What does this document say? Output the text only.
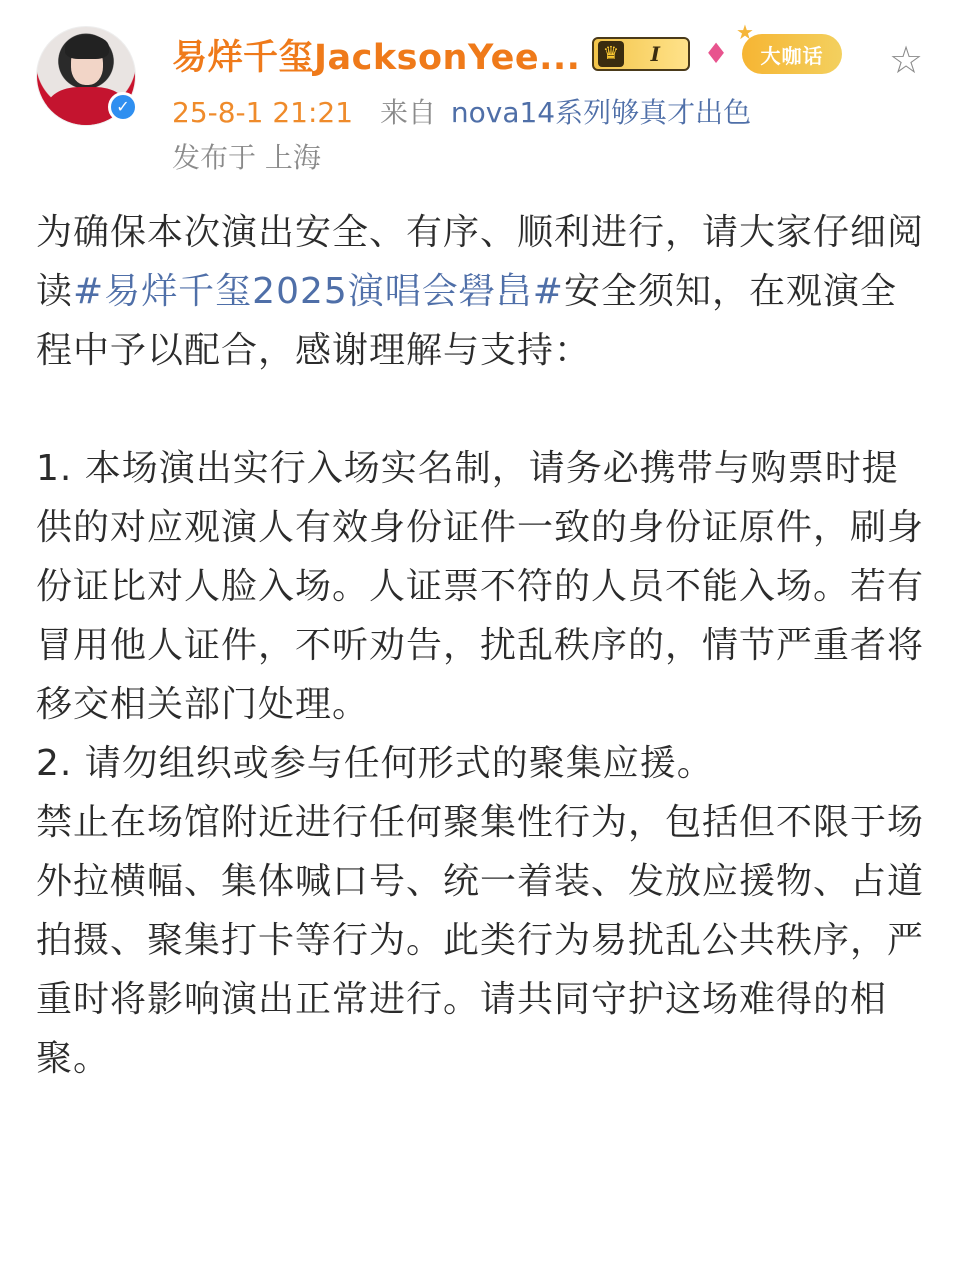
✓
易烊千玺JacksonYee... ♛ I ♦
★
大咖话 ☆
25-8-1 21:21 来自 nova14系列够真才出色
发布于 上海

为确保本次演出安全、有序、顺利进行，请大家仔细阅读#易烊千玺2025演唱会礐峊#安全须知，在观演全程中予以配合，感谢理解与支持：

1. 本场演出实行入场实名制，请务必携带与购票时提供的对应观演人有效身份证件一致的身份证原件，刷身份证比对人脸入场。人证票不符的人员不能入场。若有冒用他人证件，不听劝告，扰乱秩序的，情节严重者将移交相关部门处理。

2. 请勿组织或参与任何形式的聚集应援。

禁止在场馆附近进行任何聚集性行为，包括但不限于场外拉横幅、集体喊口号、统一着装、发放应援物、占道拍摄、聚集打卡等行为。此类行为易扰乱公共秩序，严重时将影响演出正常进行。请共同守护这场难得的相聚。
